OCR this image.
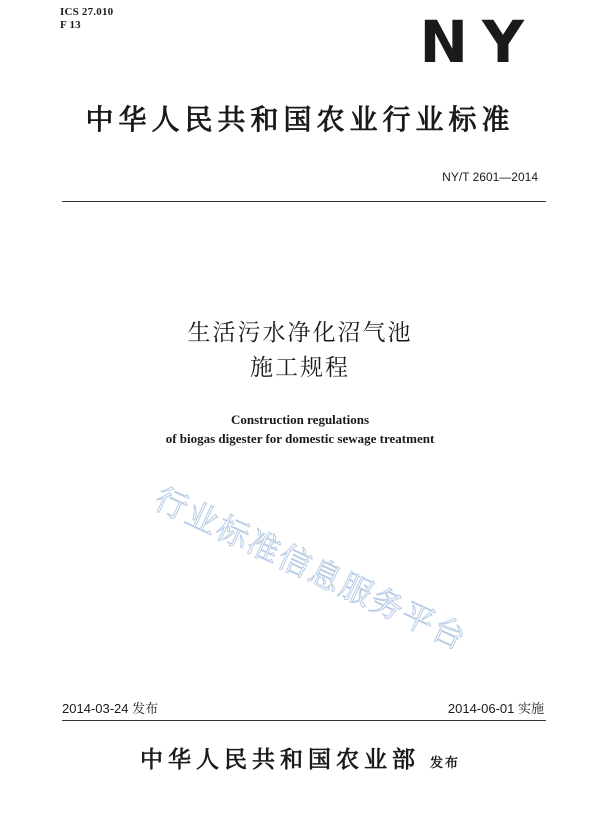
ICS 27.010
F 13	NY
中华人民共和国农业行业标准
NY/T 2601—2014
生活污水净化沼气池
施工规程
Construction regulations
of biogas digester for domestic sewage treatment
行业标准信息服务平台
2014-03-24 发布	2014-06-01 实施
中华人民共和国农业部 发布
